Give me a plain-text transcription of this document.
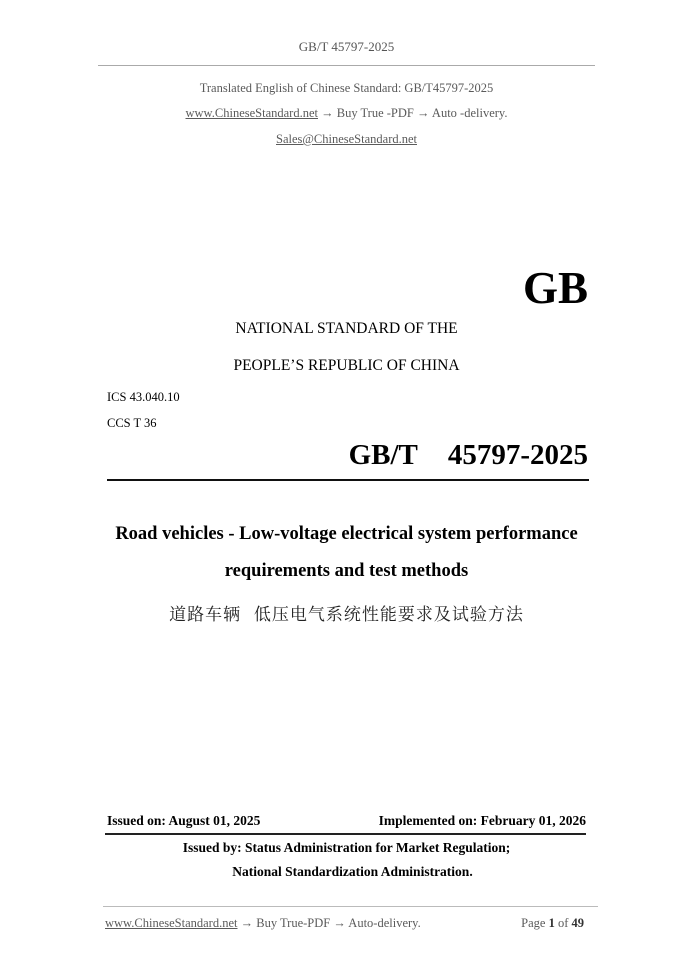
GB/T 45797-2025
Translated English of Chinese Standard: GB/T45797-2025
www.ChineseStandard.net → Buy True -PDF → Auto -delivery.
Sales@ChineseStandard.net
GB
NATIONAL STANDARD OF THE
PEOPLE’S REPUBLIC OF CHINA
ICS 43.040.10
CCS T 36
GB/T  45797-2025
Road vehicles - Low-voltage electrical system performance
requirements and test methods
道路车辆  低压电气系统性能要求及试验方法
Issued on: August 01, 2025	Implemented on: February 01, 2026
Issued by: Status Administration for Market Regulation;
National Standardization Administration.
www.ChineseStandard.net → Buy True-PDF → Auto-delivery.	Page 1 of 49
